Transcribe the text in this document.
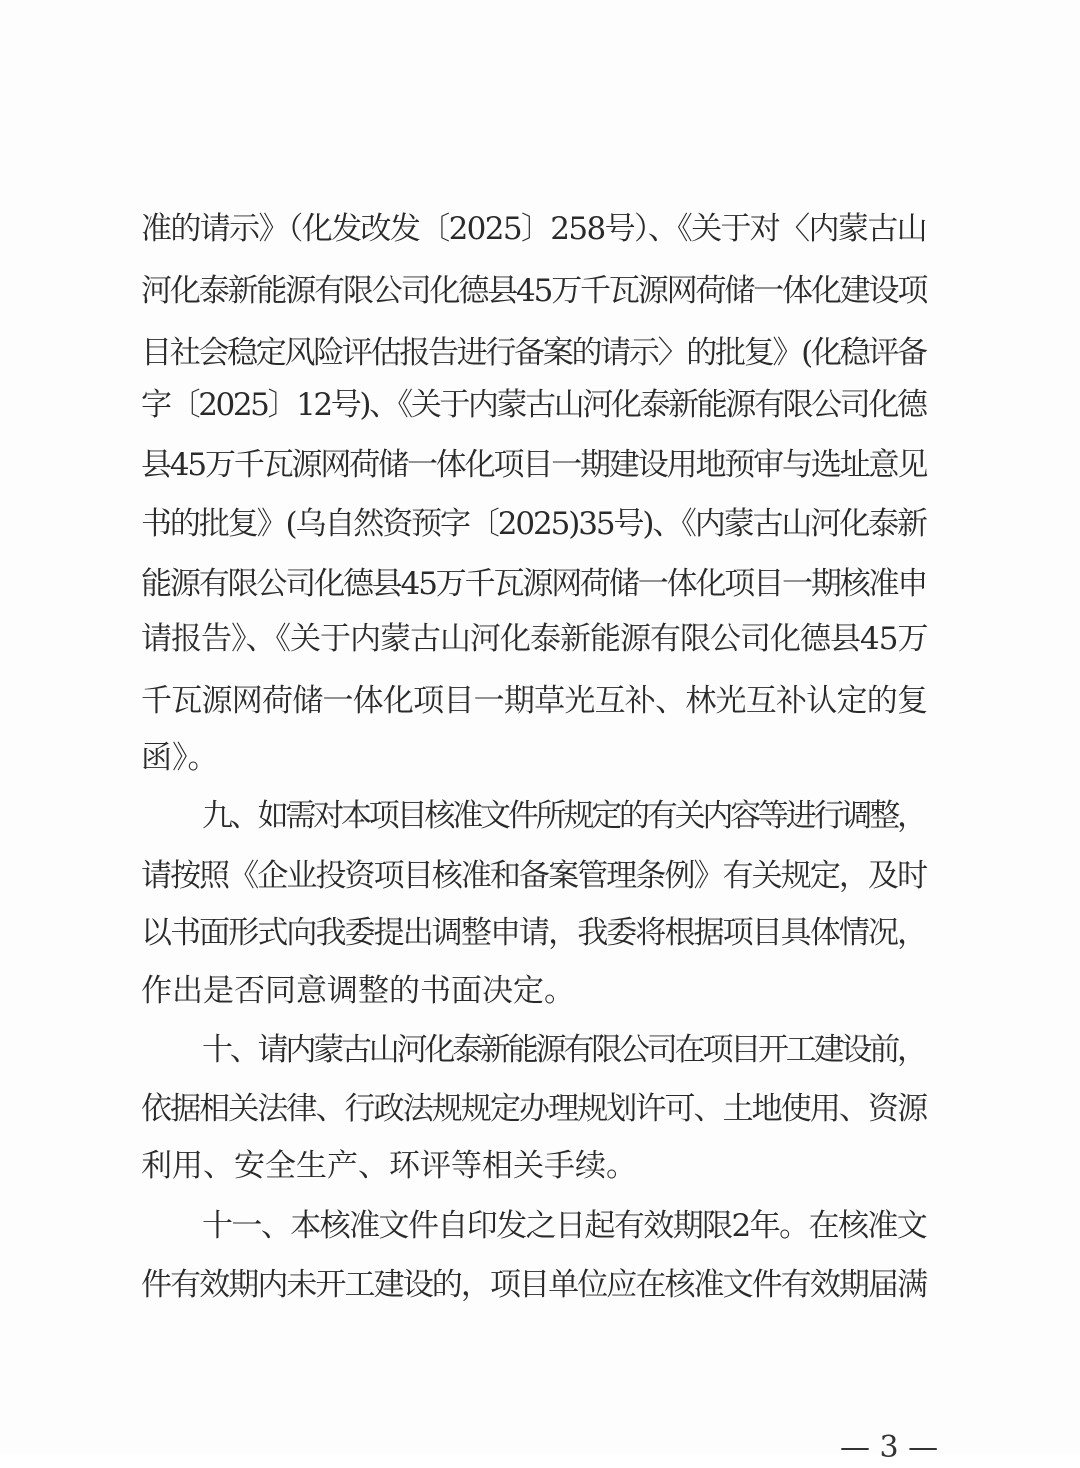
准的请示》（化发改发〔2025〕258号）、《关于对〈内蒙古山
河化泰新能源有限公司化德县45万千瓦源网荷储一体化建设项
目社会稳定风险评估报告进行备案的请示〉的批复》(化稳评备
字〔2025〕12号)、《关于内蒙古山河化泰新能源有限公司化德
县45万千瓦源网荷储一体化项目一期建设用地预审与选址意见
书的批复》(乌自然资预字〔2025)35号)、《内蒙古山河化泰新
能源有限公司化德县45万千瓦源网荷储一体化项目一期核准申
请报告》、《关于内蒙古山河化泰新能源有限公司化德县45万
千瓦源网荷储一体化项目一期草光互补、林光互补认定的复
函》。
九、如需对本项目核准文件所规定的有关内容等进行调整，
请按照《企业投资项目核准和备案管理条例》有关规定，及时
以书面形式向我委提出调整申请，我委将根据项目具体情况，
作出是否同意调整的书面决定。
十、请内蒙古山河化泰新能源有限公司在项目开工建设前，
依据相关法律、行政法规规定办理规划许可、土地使用、资源
利用、安全生产、环评等相关手续。
十一、本核准文件自印发之日起有效期限2年。在核准文
件有效期内未开工建设的，项目单位应在核准文件有效期届满
— 3 —
